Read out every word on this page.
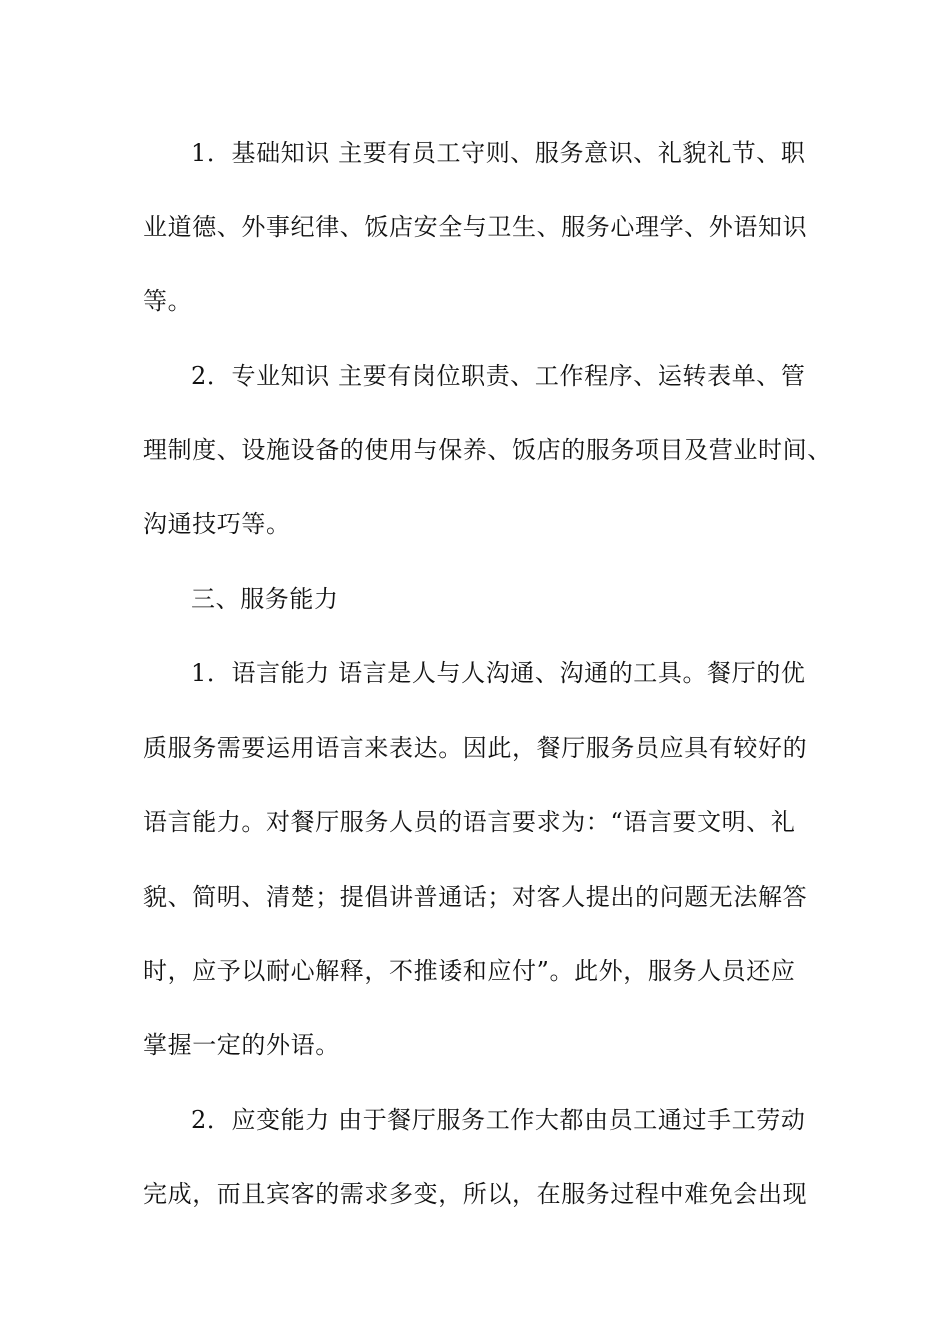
1．基础知识 主要有员工守则、服务意识、礼貌礼节、职
业道德、外事纪律、饭店安全与卫生、服务心理学、外语知识
等。
2．专业知识 主要有岗位职责、工作程序、运转表单、管
理制度、设施设备的使用与保养、饭店的服务项目及营业时间、
沟通技巧等。
三、服务能力
1．语言能力 语言是人与人沟通、沟通的工具。餐厅的优
质服务需要运用语言来表达。因此，餐厅服务员应具有较好的
语言能力。对餐厅服务人员的语言要求为：“语言要文明、礼
貌、简明、清楚；提倡讲普通话；对客人提出的问题无法解答
时，应予以耐心解释，不推诿和应付”。此外，服务人员还应
掌握一定的外语。
2．应变能力 由于餐厅服务工作大都由员工通过手工劳动
完成，而且宾客的需求多变，所以，在服务过程中难免会出现
